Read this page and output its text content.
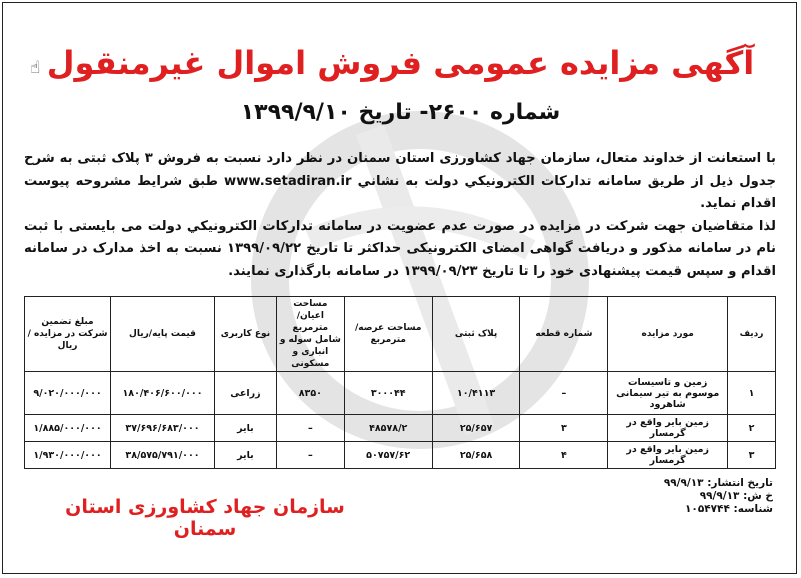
☝ آگهی مزایده عمومی فروش اموال غیرمنقول
شماره ۲۶۰۰- تاریخ ۱۳۹۹/۹/۱۰

با استعانت از خداوند متعال، سازمان جهاد کشاورزی استان سمنان در نظر دارد نسبت به فروش ۳ پلاک ثبتی به شرح جدول ذیل از طریق سامانه تداركات الكترونيكي دولت به نشاني www.setadiran.ir طبق شرایط مشروحه پیوست اقدام نماید.

لذا متقاضیان جهت شرکت در مزایده در صورت عدم عضویت در سامانه تداركات الكترونيكي دولت می بایستی با ثبت نام در سامانه مذکور و دریافت گواهی امضای الکترونیکی حداکثر تا تاریخ ۱۳۹۹/۰۹/۲۲ نسبت به اخذ مدارک در سامانه اقدام و سپس قیمت پیشنهادی خود را تا تاریخ ۱۳۹۹/۰۹/۲۳ در سامانه بارگذاری نمایند.

ردیف	مورد مزایده	شماره قطعه	پلاک ثبتی	مساحت عرصه/ مترمربع	مساحت اعیان/ مترمربع شامل سوله و انباری و مسکونی	نوع کاربری	قیمت پایه/ریال	مبلغ تضمین شرکت در مزایده / ریال
۱	زمین و تاسیسات موسوم به تیر سیمانی شاهرود	–	۱۰/۴۱۱۳	۳۰۰۰۴۴	۸۳۵۰	زراعی	۱۸۰/۴۰۶/۶۰۰/۰۰۰	۹/۰۲۰/۰۰۰/۰۰۰
۲	زمین بایر واقع در گرمسار	۳	۲۵/۶۵۷	۴۸۵۷۸/۲	–	بایر	۳۷/۶۹۶/۶۸۳/۰۰۰	۱/۸۸۵/۰۰۰/۰۰۰
۳	زمین بایر واقع در گرمسار	۴	۲۵/۶۵۸	۵۰۷۵۷/۶۲	–	بایر	۳۸/۵۷۵/۷۹۱/۰۰۰	۱/۹۳۰/۰۰۰/۰۰۰
تاریخ انتشار: ۹۹/۹/۱۳
خ ش: ۹۹/۹/۱۳
شناسه: ۱۰۵۴۷۴۴
سازمان جهاد کشاورزی استان سمنان
